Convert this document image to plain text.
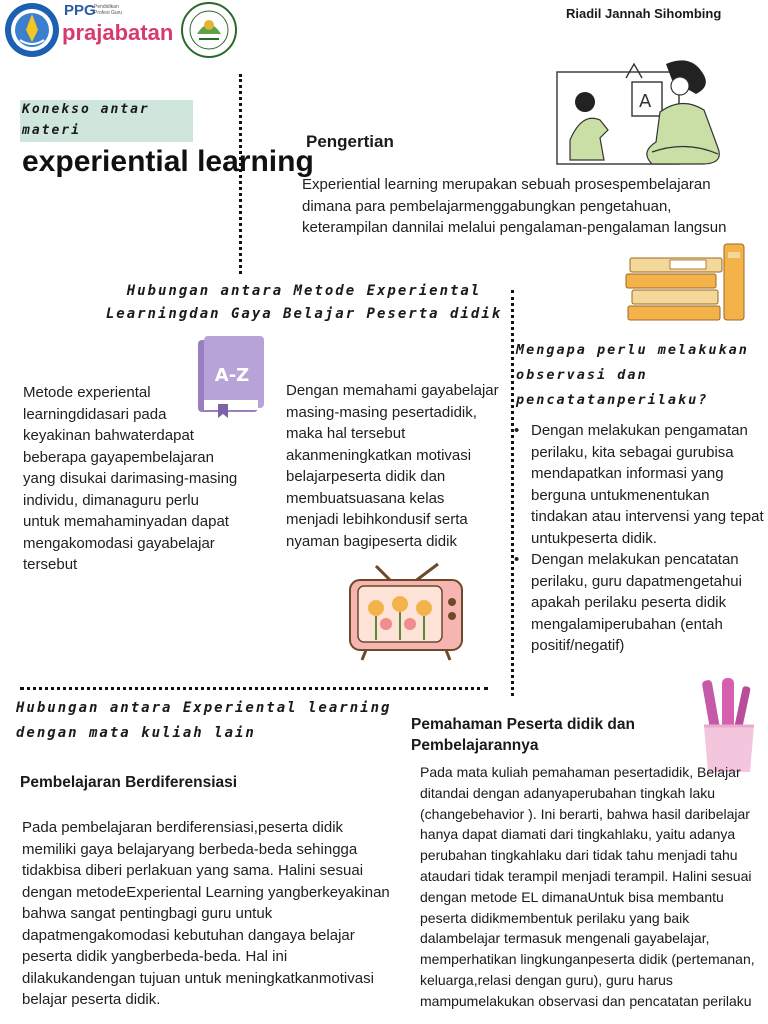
PPG
Pendidikan Profesi Guru
prajabatan
Riadil Jannah Sihombing
Konekso antar materi
experiential learning
Pengertian
Experiential learning merupakan sebuah prosespembelajaran dimana para pembelajarmenggabungkan pengetahuan, keterampilan dannilai melalui pengalaman-pengalaman langsun
A
Hubungan antara Metode Experiental Learningdan Gaya Belajar Peserta didik
A-Z
Metode experiental learningdidasari pada keyakinan bahwaterdapat beberapa gayapembelajaran yang disukai darimasing-masing individu, dimanaguru perlu untuk memahaminyadan dapat mengakomodasi gayabelajar tersebut
Dengan memahami gayabelajar masing-masing pesertadidik, maka hal tersebut akanmeningkatkan motivasi belajarpeserta didik dan membuatsuasana kelas menjadi lebihkondusif serta nyaman bagipeserta didik
Mengapa perlu melakukan observasi dan pencatatanperilaku?
• Dengan melakukan pengamatan perilaku, kita sebagai gurubisa mendapatkan informasi yang berguna untukmenentukan tindakan atau intervensi yang tepat untukpeserta didik.
• Dengan melakukan pencatatan perilaku, guru dapatmengetahui apakah perilaku peserta didik mengalamiperubahan (entah positif/negatif)
Hubungan antara Experiental learning dengan mata kuliah lain	Pemahaman Peserta didik dan Pembelajarannya
Pembelajaran Berdiferensiasi
Pada pembelajaran berdiferensiasi,peserta didik memiliki gaya belajaryang berbeda-beda sehingga tidakbisa diberi perlakuan yang sama. Halini sesuai dengan metodeExperiental Learning yangberkeyakinan bahwa sangat pentingbagi guru untuk dapatmengakomodasi kebutuhan dangaya belajar peserta didik yangberbeda-beda. Hal ini dilakukandengan tujuan untuk meningkatkanmotivasi belajar peserta didik.
Pada mata kuliah pemahaman pesertadidik, Belajar ditandai dengan adanyaperubahan tingkah laku (changebehavior ). Ini berarti, bahwa hasil daribelajar hanya dapat diamati dari tingkahlaku, yaitu adanya perubahan tingkahlaku dari tidak tahu menjadi tahu ataudari tidak terampil menjadi terampil. Halini sesuai dengan metode EL dimanaUntuk bisa membantu peserta didikmembentuk perilaku yang baik dalambelajar termasuk mengenali gayabelajar, memperhatikan lingkunganpeserta didik (pertemanan, keluarga,relasi dengan guru), guru harus mampumelakukan observasi dan pencatatan perilaku
